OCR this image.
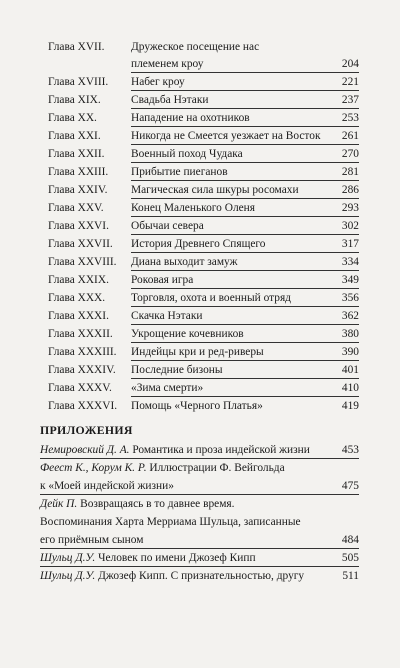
Глава XVII.	Дружеское посещение нас
племенем кроу	204
Глава XVIII.	Набег кроу	221
Глава XIX.	Свадьба Нэтаки	237
Глава XX.	Нападение на охотников	253
Глава XXI.	Никогда не Смеется уезжает на Восток	261
Глава XXII.	Военный поход Чудака	270
Глава XXIII.	Прибытие пиеганов	281
Глава XXIV.	Магическая сила шкуры росомахи	286
Глава XXV.	Конец Маленького Оленя	293
Глава XXVI.	Обычаи севера	302
Глава XXVII.	История Древнего Спящего	317
Глава XXVIII.	Диана выходит замуж	334
Глава XXIX.	Роковая игра	349
Глава XXX.	Торговля, охота и военный отряд	356
Глава XXXI.	Скачка Нэтаки	362
Глава XXXII.	Укрощение кочевников	380
Глава XXXIII.	Индейцы кри и ред-риверы	390
Глава XXXIV.	Последние бизоны	401
Глава XXXV.	«Зима смерти»	410
Глава XXXVI.	Помощь «Черного Платья»	419
ПРИЛОЖЕНИЯ
Немировский Д. А. Романтика и проза индейской жизни	453
Феест К., Корум К. Р. Иллюстрации Ф. Вейгольда
к «Моей индейской жизни»	475
Дейк П. Возвращаясь в то давнее время.
Воспоминания Харта Мерриама Шульца, записанные
его приёмным сыном	484
Шульц Д.У. Человек по имени Джозеф Кипп	505
Шульц Д.У. Джозеф Кипп. С признательностью, другу	511
